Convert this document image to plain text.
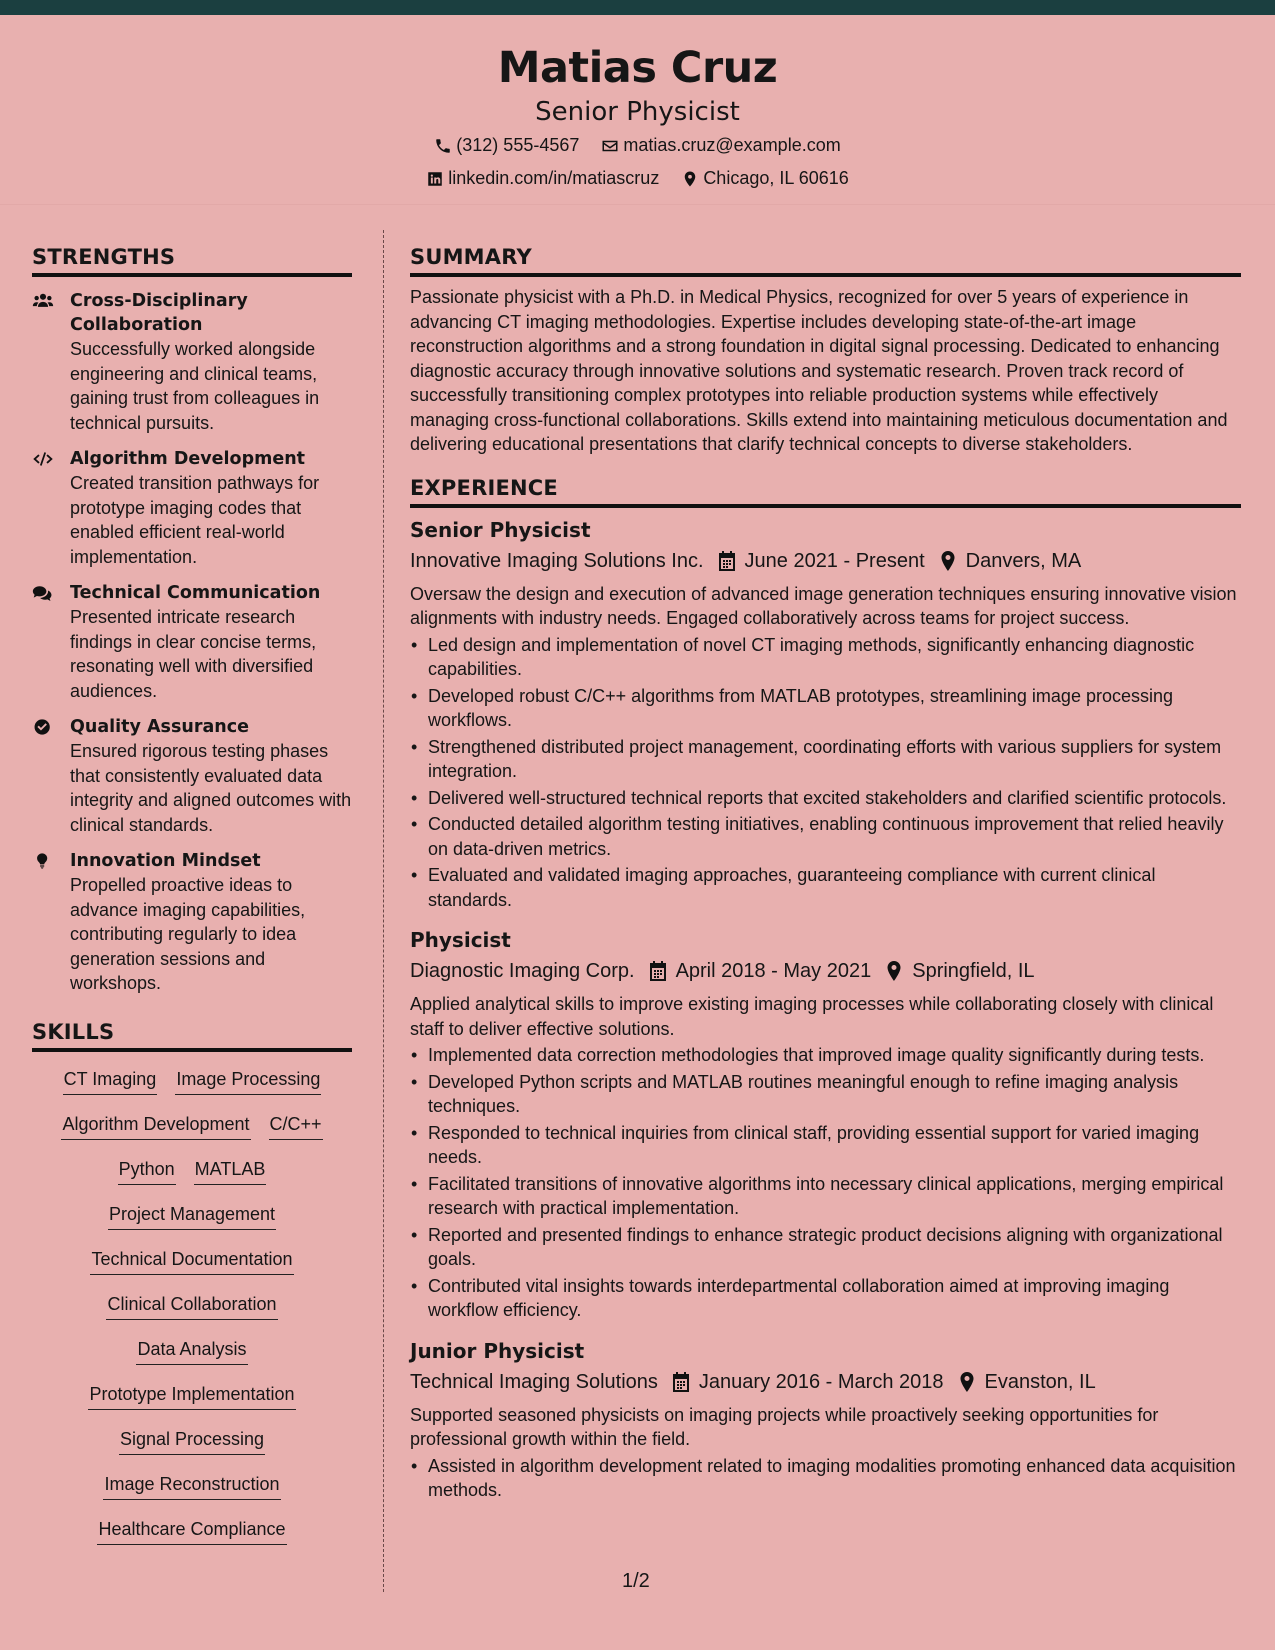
Matias Cruz
Senior Physicist
(312) 555-4567 matias.cruz@example.com
linkedin.com/in/matiascruz Chicago, IL 60616
STRENGTHS
Cross-Disciplinary Collaboration
Successfully worked alongside engineering and clinical teams, gaining trust from colleagues in technical pursuits.
Algorithm Development
Created transition pathways for prototype imaging codes that enabled efficient real-world implementation.
Technical Communication
Presented intricate research findings in clear concise terms, resonating well with diversified audiences.
Quality Assurance
Ensured rigorous testing phases that consistently evaluated data integrity and aligned outcomes with clinical standards.
Innovation Mindset
Propelled proactive ideas to advance imaging capabilities, contributing regularly to idea generation sessions and workshops.
SKILLS
CT Imaging Image Processing
Algorithm Development C/C++
Python MATLAB
Project Management
Technical Documentation
Clinical Collaboration
Data Analysis
Prototype Implementation
Signal Processing
Image Reconstruction
Healthcare Compliance
SUMMARY
Passionate physicist with a Ph.D. in Medical Physics, recognized for over 5 years of experience in advancing CT imaging methodologies. Expertise includes developing state-of-the-art image reconstruction algorithms and a strong foundation in digital signal processing. Dedicated to enhancing diagnostic accuracy through innovative solutions and systematic research. Proven track record of successfully transitioning complex prototypes into reliable production systems while effectively managing cross-functional collaborations. Skills extend into maintaining meticulous documentation and delivering educational presentations that clarify technical concepts to diverse stakeholders.
EXPERIENCE
Senior Physicist
Innovative Imaging Solutions Inc. June 2021 - Present Danvers, MA
Oversaw the design and execution of advanced image generation techniques ensuring innovative vision alignments with industry needs. Engaged collaboratively across teams for project success.
• Led design and implementation of novel CT imaging methods, significantly enhancing diagnostic capabilities.
• Developed robust C/C++ algorithms from MATLAB prototypes, streamlining image processing workflows.
• Strengthened distributed project management, coordinating efforts with various suppliers for system integration.
• Delivered well-structured technical reports that excited stakeholders and clarified scientific protocols.
• Conducted detailed algorithm testing initiatives, enabling continuous improvement that relied heavily on data-driven metrics.
• Evaluated and validated imaging approaches, guaranteeing compliance with current clinical standards.
Physicist
Diagnostic Imaging Corp. April 2018 - May 2021 Springfield, IL
Applied analytical skills to improve existing imaging processes while collaborating closely with clinical staff to deliver effective solutions.
• Implemented data correction methodologies that improved image quality significantly during tests.
• Developed Python scripts and MATLAB routines meaningful enough to refine imaging analysis techniques.
• Responded to technical inquiries from clinical staff, providing essential support for varied imaging needs.
• Facilitated transitions of innovative algorithms into necessary clinical applications, merging empirical research with practical implementation.
• Reported and presented findings to enhance strategic product decisions aligning with organizational goals.
• Contributed vital insights towards interdepartmental collaboration aimed at improving imaging workflow efficiency.
Junior Physicist
Technical Imaging Solutions January 2016 - March 2018 Evanston, IL
Supported seasoned physicists on imaging projects while proactively seeking opportunities for professional growth within the field.
• Assisted in algorithm development related to imaging modalities promoting enhanced data acquisition methods.
1/2
